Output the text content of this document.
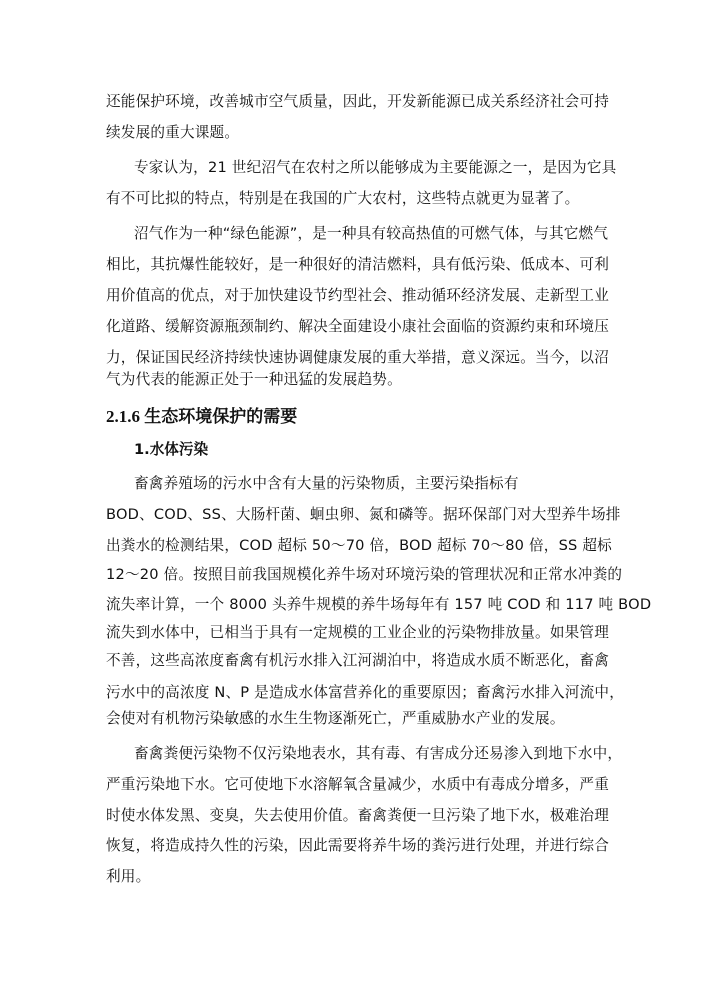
还能保护环境，改善城市空气质量，因此，开发新能源已成关系经济社会可持
续发展的重大课题。
专家认为，21 世纪沼气在农村之所以能够成为主要能源之一，是因为它具
有不可比拟的特点，特别是在我国的广大农村，这些特点就更为显著了。
沼气作为一种“绿色能源”，是一种具有较高热值的可燃气体，与其它燃气
相比，其抗爆性能较好，是一种很好的清洁燃料，具有低污染、低成本、可利
用价值高的优点，对于加快建设节约型社会、推动循环经济发展、走新型工业
化道路、缓解资源瓶颈制约、解决全面建设小康社会面临的资源约束和环境压
力，保证国民经济持续快速协调健康发展的重大举措，意义深远。当今，以沼
气为代表的能源正处于一种迅猛的发展趋势。
2.1.6 生态环境保护的需要
1.水体污染
畜禽养殖场的污水中含有大量的污染物质，主要污染指标有
BOD、COD、SS、大肠杆菌、蛔虫卵、氮和磷等。据环保部门对大型养牛场排
出粪水的检测结果，COD 超标 50～70 倍，BOD 超标 70～80 倍，SS 超标
12～20 倍。按照目前我国规模化养牛场对环境污染的管理状况和正常水冲粪的
流失率计算，一个 8000 头养牛规模的养牛场每年有 157 吨 COD 和 117 吨 BOD
流失到水体中，已相当于具有一定规模的工业企业的污染物排放量。如果管理
不善，这些高浓度畜禽有机污水排入江河湖泊中，将造成水质不断恶化，畜禽
污水中的高浓度 N、P 是造成水体富营养化的重要原因；畜禽污水排入河流中，
会使对有机物污染敏感的水生生物逐渐死亡，严重威胁水产业的发展。
畜禽粪便污染物不仅污染地表水，其有毒、有害成分还易渗入到地下水中，
严重污染地下水。它可使地下水溶解氧含量减少，水质中有毒成分增多，严重
时使水体发黑、变臭，失去使用价值。畜禽粪便一旦污染了地下水，极难治理
恢复，将造成持久性的污染，因此需要将养牛场的粪污进行处理，并进行综合
利用。
